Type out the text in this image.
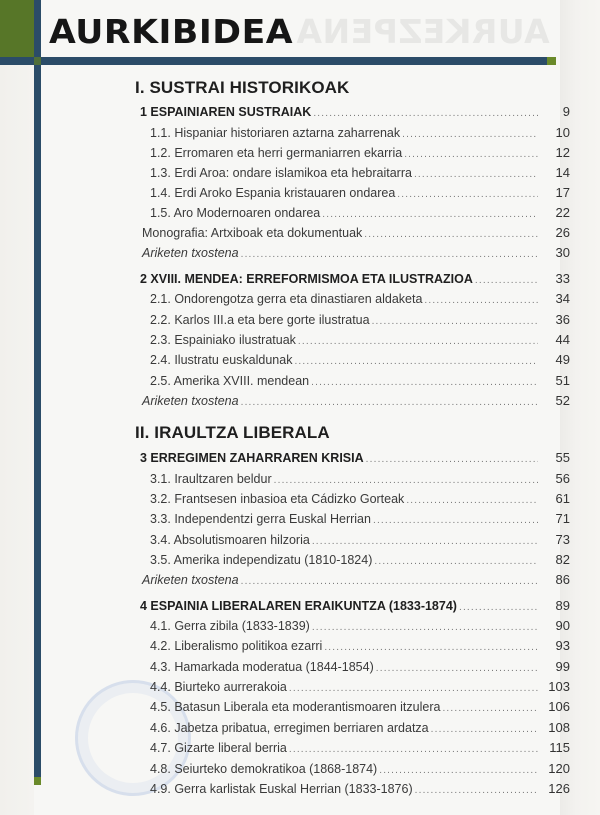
AURKEZPENA
AURKIBIDEA
I. SUSTRAI HISTORIKOAK
1 ESPAINIAREN SUSTRAIAK .....	9
1.1. Hispaniar historiaren aztarna zaharrenak .....	10
1.2. Erromaren eta herri germaniarren ekarria .....	12
1.3. Erdi Aroa: ondare islamikoa eta hebraitarra .....	14
1.4. Erdi Aroko Espania kristauaren ondarea .....	17
1.5. Aro Modernoaren ondarea .....	22
Monografia: Artxiboak eta dokumentuak .....	26
Ariketen txostena .....	30
2 XVIII. MENDEA: ERREFORMISMOA ETA ILUSTRAZIOA .....	33
2.1. Ondorengotza gerra eta dinastiaren aldaketa .....	34
2.2. Karlos III.a eta bere gorte ilustratua .....	36
2.3. Espainiako ilustratuak .....	44
2.4. Ilustratu euskaldunak .....	49
2.5. Amerika XVIII. mendean .....	51
Ariketen txostena .....	52
II. IRAULTZA LIBERALA
3 ERREGIMEN ZAHARRAREN KRISIA .....	55
3.1. Iraultzaren beldur .....	56
3.2. Frantsesen inbasioa eta Cádizko Gorteak .....	61
3.3. Independentzi gerra Euskal Herrian .....	71
3.4. Absolutismoaren hilzoria .....	73
3.5. Amerika independizatu (1810-1824) .....	82
Ariketen txostena .....	86
4 ESPAINIA LIBERALAREN ERAIKUNTZA (1833-1874) .....	89
4.1. Gerra zibila (1833-1839) .....	90
4.2. Liberalismo politikoa ezarri .....	93
4.3. Hamarkada moderatua (1844-1854) .....	99
4.4. Biurteko aurrerakoia .....	103
4.5. Batasun Liberala eta moderantismoaren itzulera .....	106
4.6. Jabetza pribatua, erregimen berriaren ardatza .....	108
4.7. Gizarte liberal berria .....	115
4.8. Seiurteko demokratikoa (1868-1874) .....	120
4.9. Gerra karlistak Euskal Herrian (1833-1876) .....	126
